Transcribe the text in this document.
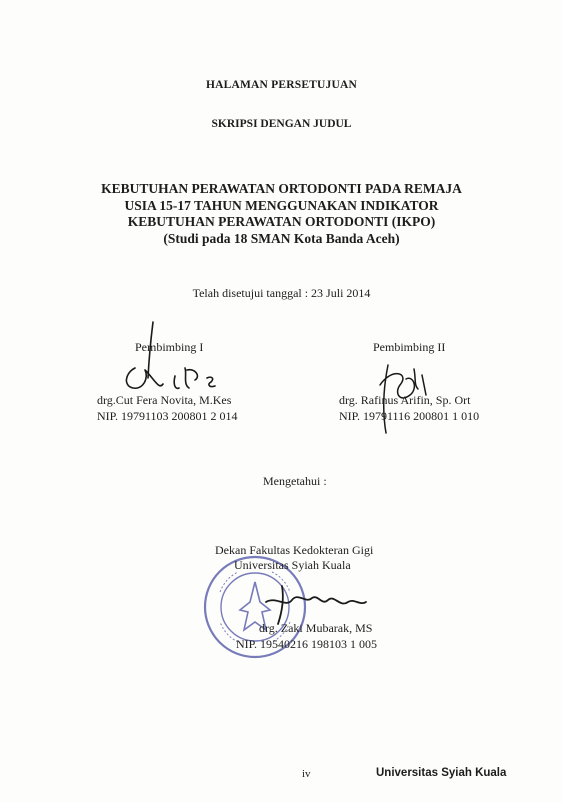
HALAMAN PERSETUJUAN
SKRIPSI DENGAN JUDUL
KEBUTUHAN PERAWATAN ORTODONTI PADA REMAJA
USIA 15-17 TAHUN MENGGUNAKAN INDIKATOR
KEBUTUHAN PERAWATAN ORTODONTI (IKPO)
(Studi pada 18 SMAN Kota Banda Aceh)
Telah disetujui tanggal : 23 Juli 2014
Pembimbing I
drg.Cut Fera Novita, M.Kes
NIP. 19791103 200801 2 014
Pembimbing II
drg. Rafinus Arifin, Sp. Ort
NIP. 19791116 200801 1 010
Mengetahui :
Dekan Fakultas Kedokteran Gigi
Universitas Syiah Kuala
drg. Zaki Mubarak, MS
NIP. 19540216 198103 1 005
iv	Universitas Syiah Kuala
